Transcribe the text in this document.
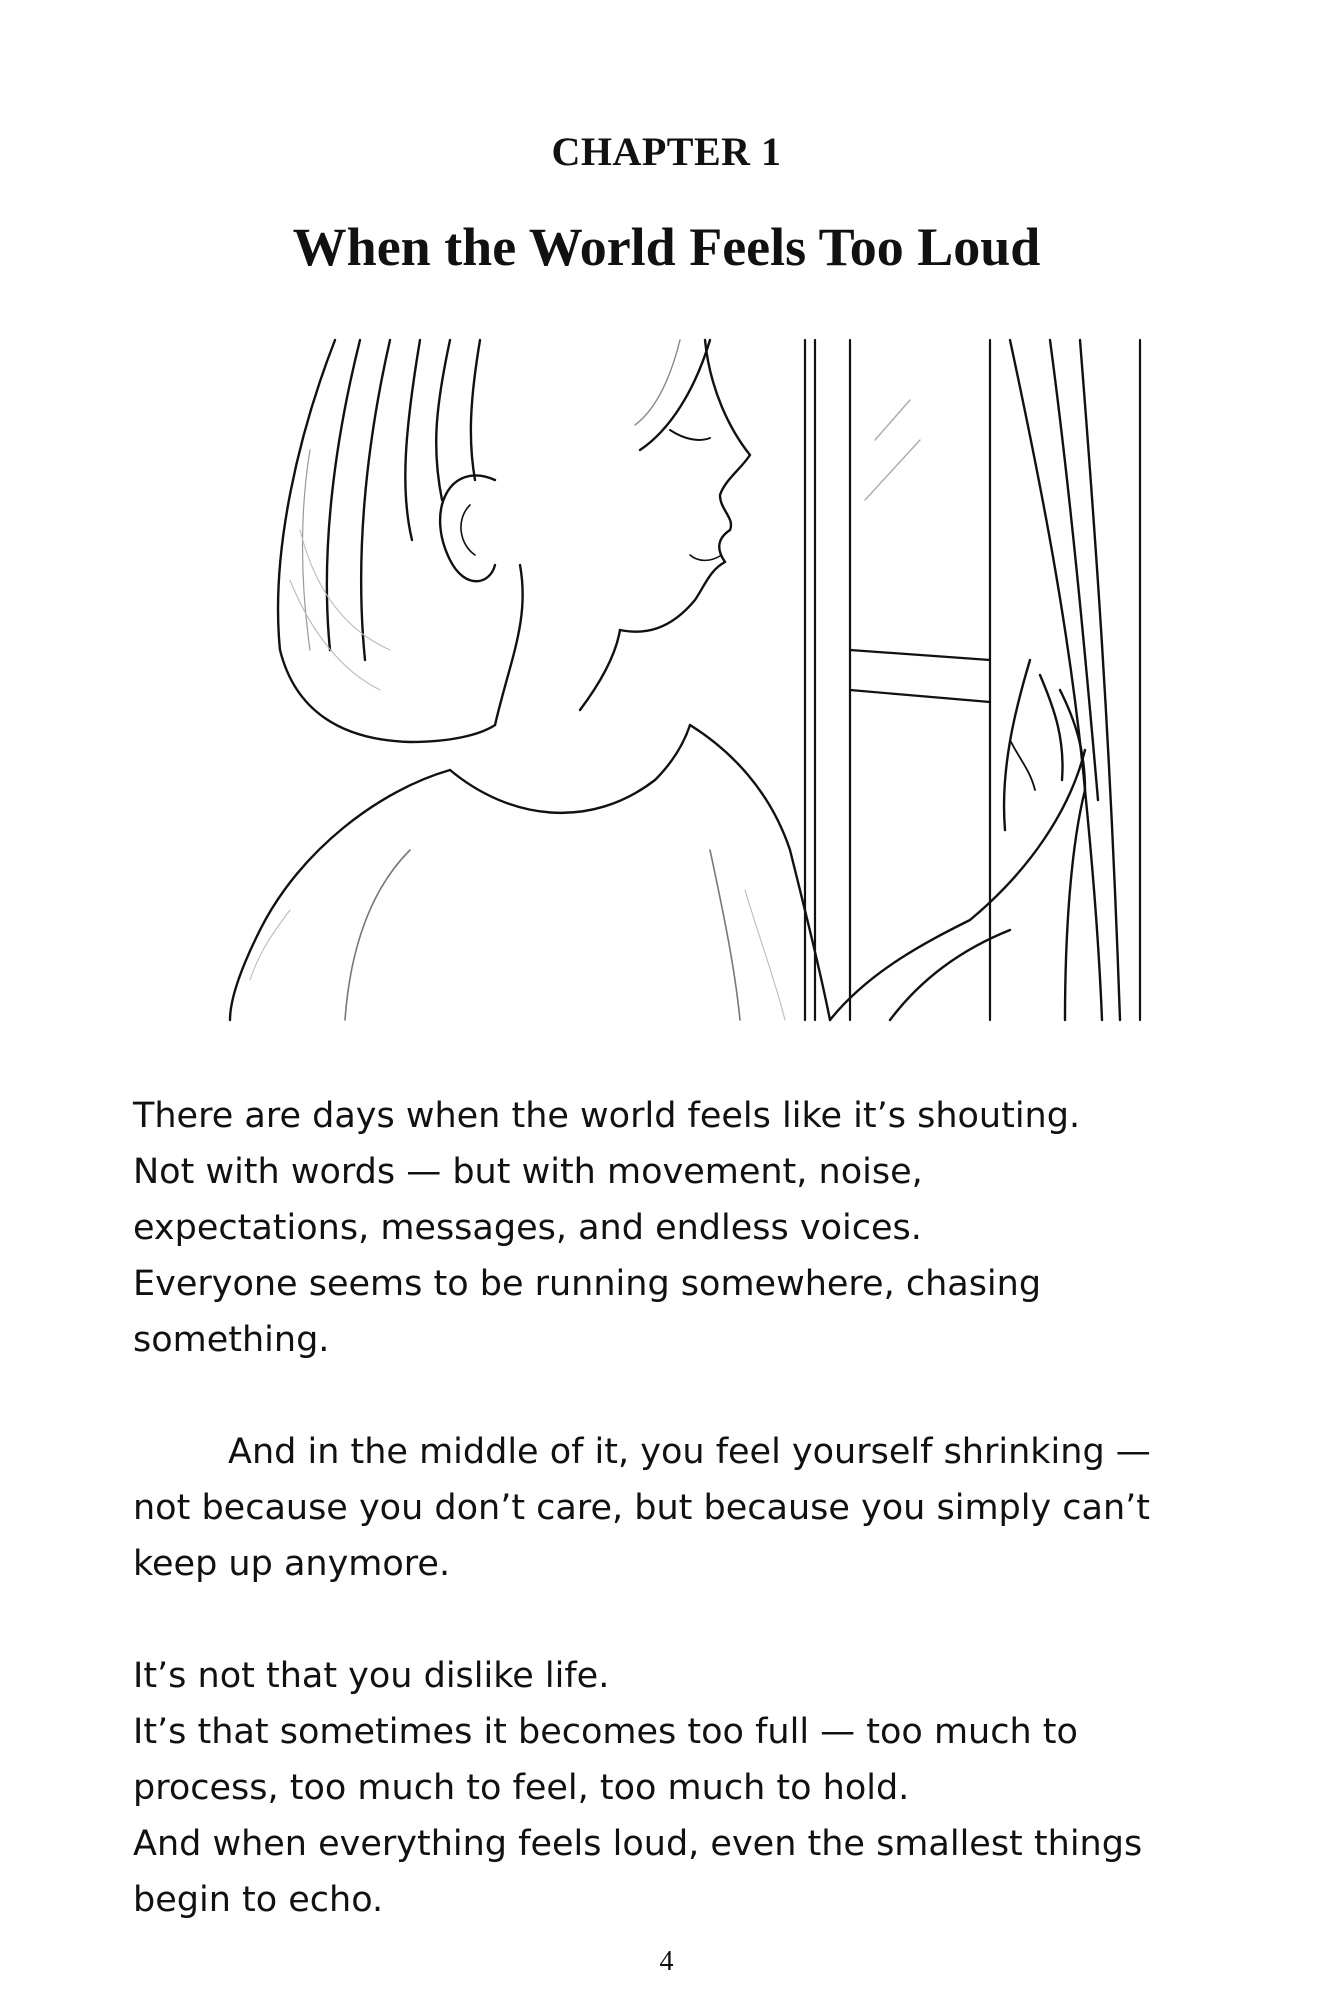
CHAPTER 1
When the World Feels Too Loud

There are days when the world feels like it’s shouting.
Not with words — but with movement, noise,
expectations, messages, and endless voices.
Everyone seems to be running somewhere, chasing
something.

And in the middle of it, you feel yourself shrinking —
not because you don’t care, but because you simply can’t
keep up anymore.

It’s not that you dislike life.
It’s that sometimes it becomes too full — too much to
process, too much to feel, too much to hold.
And when everything feels loud, even the smallest things
begin to echo.

4
